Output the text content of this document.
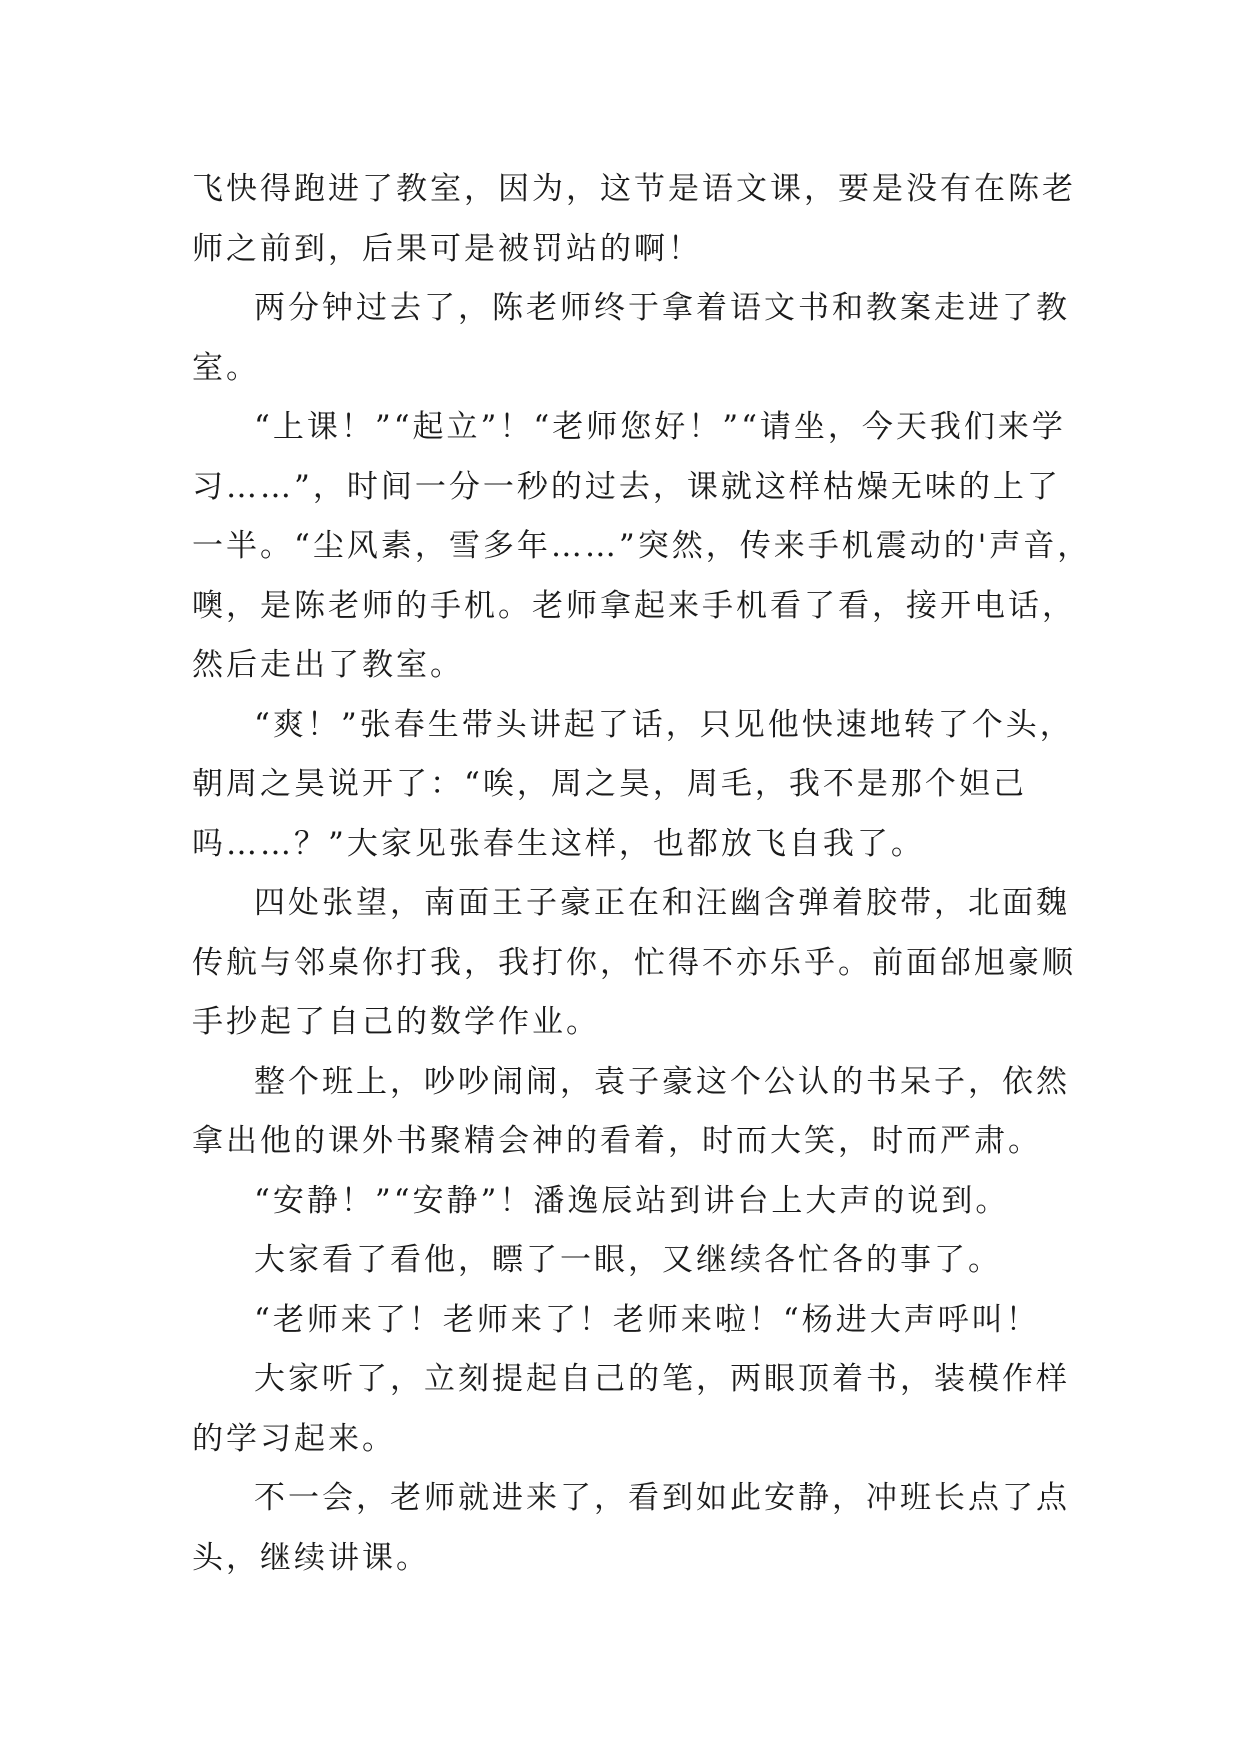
飞快得跑进了教室，因为，这节是语文课，要是没有在陈老
师之前到，后果可是被罚站的啊！
两分钟过去了，陈老师终于拿着语文书和教案走进了教
室。
“上课！”“起立”！“老师您好！”“请坐，今天我们来学
习……”，时间一分一秒的过去，课就这样枯燥无味的上了
一半。“尘风素，雪多年……”突然，传来手机震动的'声音，
噢，是陈老师的手机。老师拿起来手机看了看，接开电话，
然后走出了教室。
“爽！”张春生带头讲起了话，只见他快速地转了个头，
朝周之昊说开了：“唉，周之昊，周毛，我不是那个妲己
吗……？”大家见张春生这样，也都放飞自我了。
四处张望，南面王子豪正在和汪幽含弹着胶带，北面魏
传航与邻桌你打我，我打你，忙得不亦乐乎。前面邰旭豪顺
手抄起了自己的数学作业。
整个班上，吵吵闹闹，袁子豪这个公认的书呆子，依然
拿出他的课外书聚精会神的看着，时而大笑，时而严肃。
“安静！”“安静”！潘逸辰站到讲台上大声的说到。
大家看了看他，瞟了一眼，又继续各忙各的事了。
“老师来了！老师来了！老师来啦！“杨进大声呼叫！
大家听了，立刻提起自己的笔，两眼顶着书，装模作样
的学习起来。
不一会，老师就进来了，看到如此安静，冲班长点了点
头，继续讲课。
